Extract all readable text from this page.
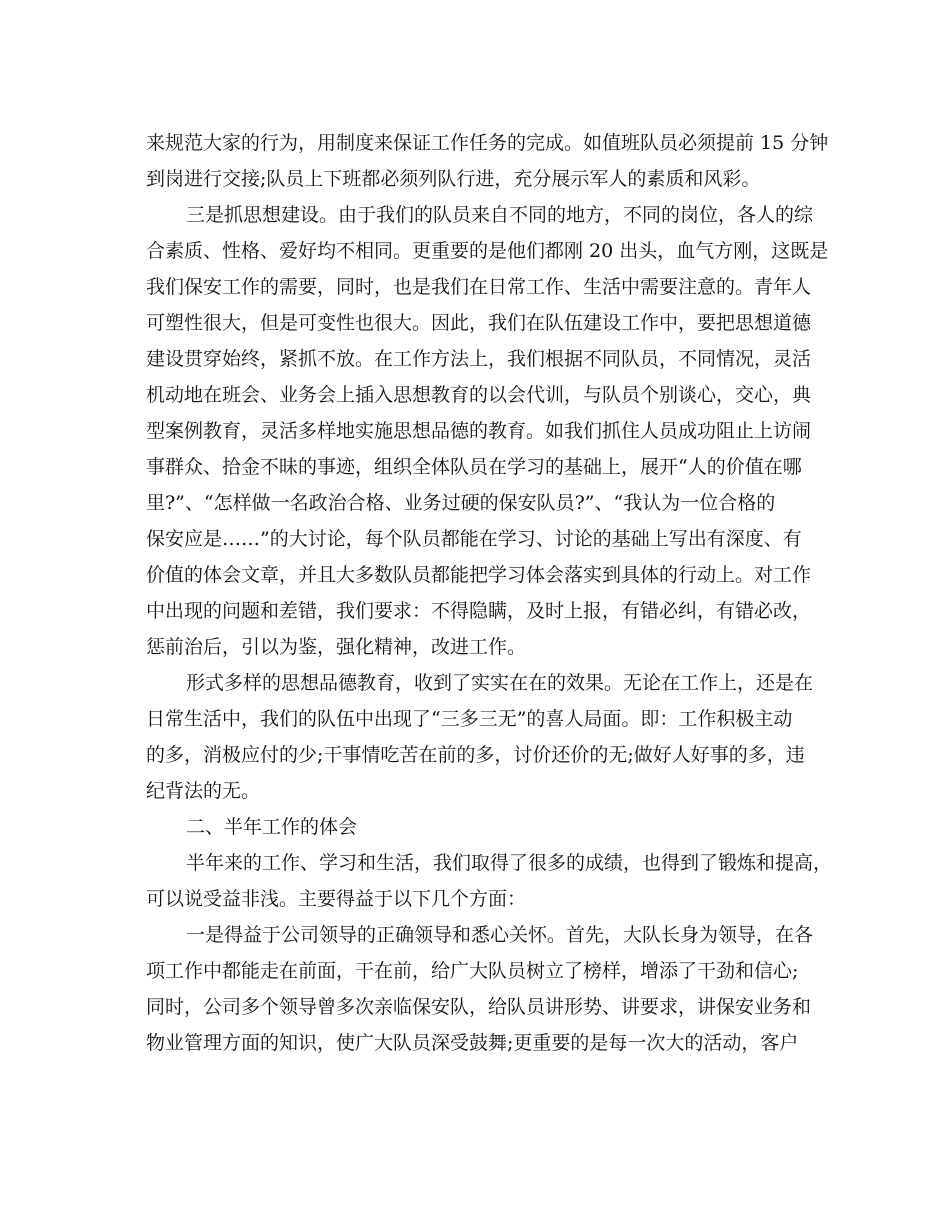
来规范大家的行为，用制度来保证工作任务的完成。如值班队员必须提前 15 分钟
到岗进行交接;队员上下班都必须列队行进，充分展示军人的素质和风彩。
三是抓思想建设。由于我们的队员来自不同的地方，不同的岗位，各人的综
合素质、性格、爱好均不相同。更重要的是他们都刚 20 出头，血气方刚，这既是
我们保安工作的需要，同时，也是我们在日常工作、生活中需要注意的。青年人
可塑性很大，但是可变性也很大。因此，我们在队伍建设工作中，要把思想道德
建设贯穿始终，紧抓不放。在工作方法上，我们根据不同队员，不同情况，灵活
机动地在班会、业务会上插入思想教育的以会代训，与队员个别谈心，交心，典
型案例教育，灵活多样地实施思想品德的教育。如我们抓住人员成功阻止上访闹
事群众、拾金不昧的事迹，组织全体队员在学习的基础上，展开“人的价值在哪
里?”、“怎样做一名政治合格、业务过硬的保安队员?”、“我认为一位合格的
保安应是……”的大讨论，每个队员都能在学习、讨论的基础上写出有深度、有
价值的体会文章，并且大多数队员都能把学习体会落实到具体的行动上。对工作
中出现的问题和差错，我们要求：不得隐瞒，及时上报，有错必纠，有错必改，
惩前治后，引以为鉴，强化精神，改进工作。
形式多样的思想品德教育，收到了实实在在的效果。无论在工作上，还是在
日常生活中，我们的队伍中出现了“三多三无”的喜人局面。即：工作积极主动
的多，消极应付的少;干事情吃苦在前的多，讨价还价的无;做好人好事的多，违
纪背法的无。
二、半年工作的体会
半年来的工作、学习和生活，我们取得了很多的成绩，也得到了锻炼和提高，
可以说受益非浅。主要得益于以下几个方面：
一是得益于公司领导的正确领导和悉心关怀。首先，大队长身为领导，在各
项工作中都能走在前面，干在前，给广大队员树立了榜样，增添了干劲和信心;
同时，公司多个领导曾多次亲临保安队，给队员讲形势、讲要求，讲保安业务和
物业管理方面的知识，使广大队员深受鼓舞;更重要的是每一次大的活动，客户
